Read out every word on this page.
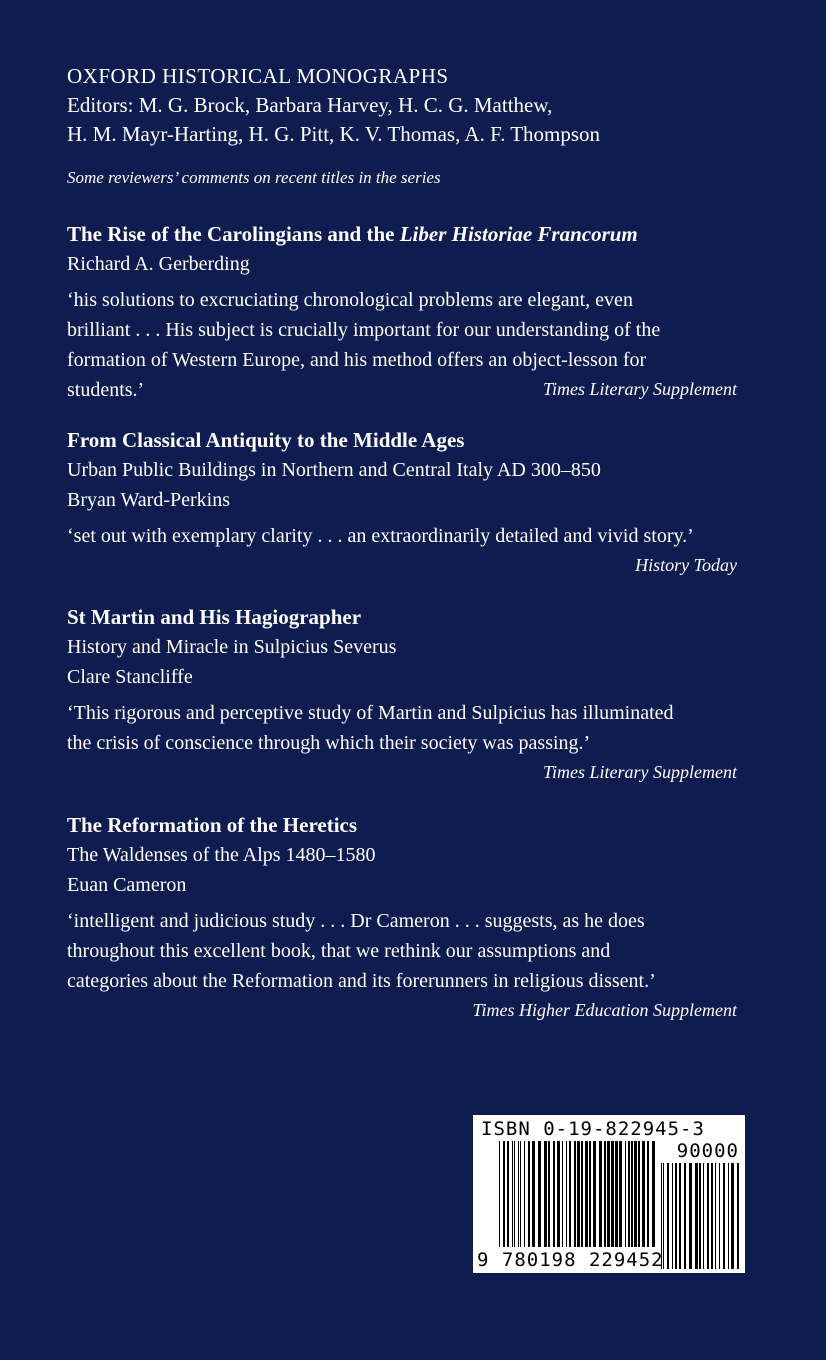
OXFORD HISTORICAL MONOGRAPHS
Editors: M. G. Brock, Barbara Harvey, H. C. G. Matthew,
H. M. Mayr-Harting, H. G. Pitt, K. V. Thomas, A. F. Thompson
Some reviewers’ comments on recent titles in the series
The Rise of the Carolingians and the Liber Historiae Francorum
Richard A. Gerberding
‘his solutions to excruciating chronological problems are elegant, even
brilliant . . . His subject is crucially important for our understanding of the
formation of Western Europe, and his method offers an object-lesson for
students.’	Times Literary Supplement
From Classical Antiquity to the Middle Ages
Urban Public Buildings in Northern and Central Italy AD 300–850
Bryan Ward-Perkins
‘set out with exemplary clarity . . . an extraordinarily detailed and vivid story.’
History Today
St Martin and His Hagiographer
History and Miracle in Sulpicius Severus
Clare Stancliffe
‘This rigorous and perceptive study of Martin and Sulpicius has illuminated
the crisis of conscience through which their society was passing.’
Times Literary Supplement
The Reformation of the Heretics
The Waldenses of the Alps 1480–1580
Euan Cameron
‘intelligent and judicious study . . . Dr Cameron . . . suggests, as he does
throughout this excellent book, that we rethink our assumptions and
categories about the Reformation and its forerunners in religious dissent.’
Times Higher Education Supplement
ISBN 0-19-822945-3
90000
9 780198 229452
